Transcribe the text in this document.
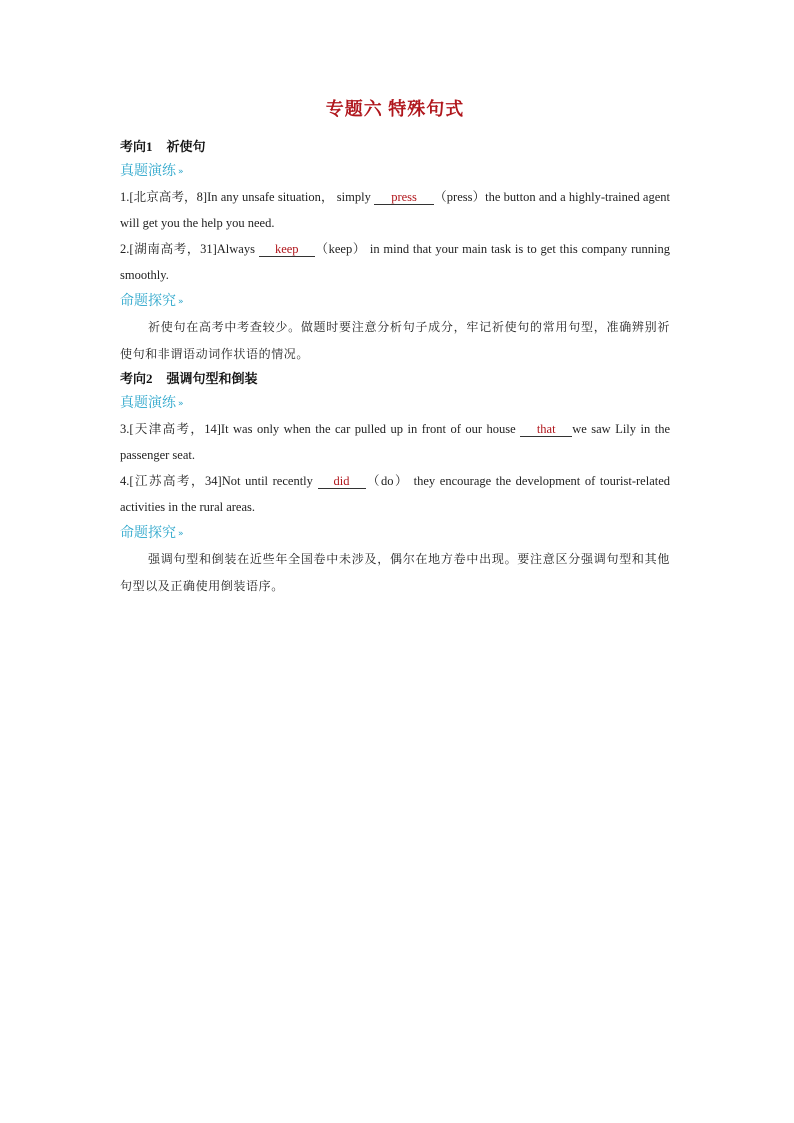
专题六 特殊句式
考向1 祈使句
真题演练 »
1.[北京高考，8]In any unsafe situation， simply press （press）the button and a highly-trained agent will get you the help you need.
2.[湖南高考，31]Always keep （keep） in mind that your main task is to get this company running smoothly.
命题探究 »
祈使句在高考中考查较少。做题时要注意分析句子成分，牢记祈使句的常用句型，准确辨别祈使句和非谓语动词作状语的情况。
考向2 强调句型和倒装
真题演练 »
3.[天津高考，14]It was only when the car pulled up in front of our house that we saw Lily in the passenger seat.
4.[江苏高考，34]Not until recently did （do） they encourage the development of tourist-related activities in the rural areas.
命题探究 »
强调句型和倒装在近些年全国卷中未涉及，偶尔在地方卷中出现。要注意区分强调句型和其他句型以及正确使用倒装语序。
